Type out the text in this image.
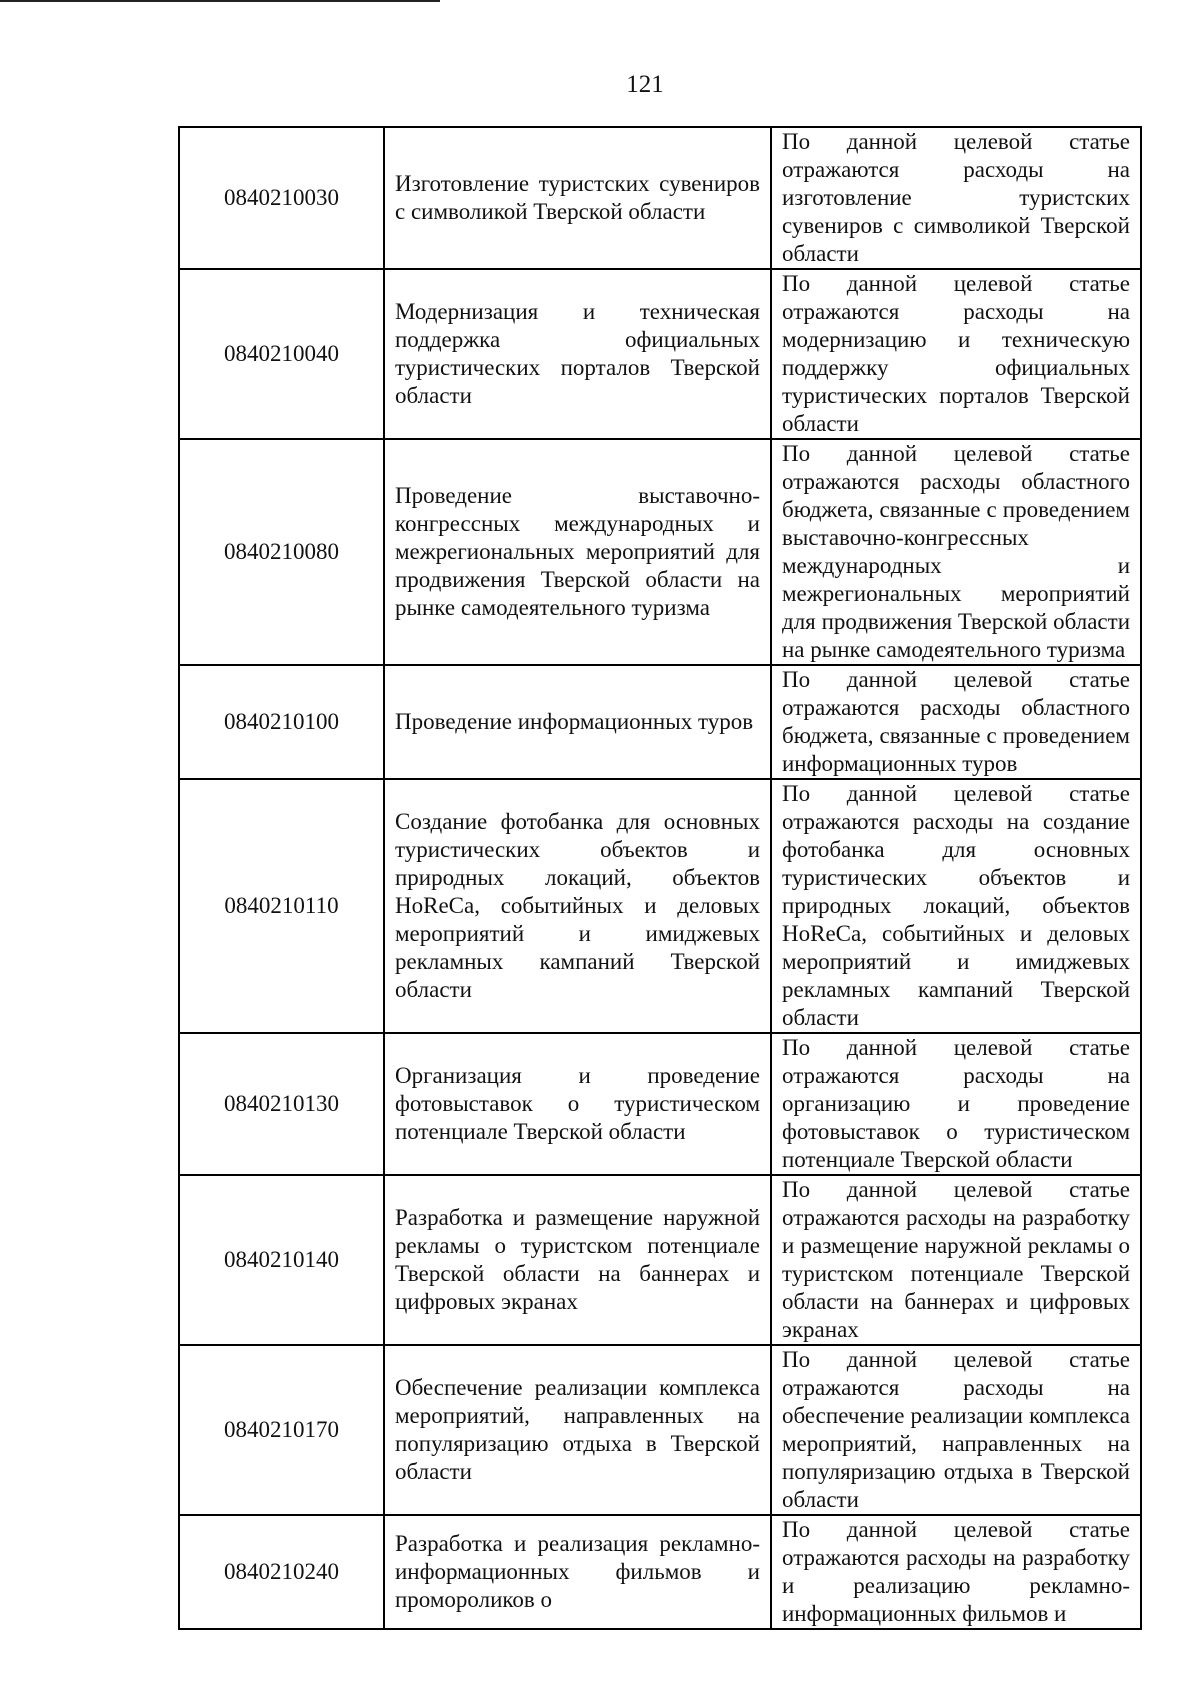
121
0840210030	Изготовление туристских сувениров с символикой Тверской области	По данной целевой статье отражаются расходы на изготовление туристских сувениров с символикой Тверской области

0840210040	Модернизация и техническая поддержка официальных туристических порталов Тверской области	По данной целевой статье отражаются расходы на модернизацию и техническую поддержку официальных туристических порталов Тверской области

0840210080	Проведение выставочно-конгрессных международных и межрегиональных мероприятий для продвижения Тверской области на рынке самодеятельного туризма	По данной целевой статье отражаются расходы областного бюджета, связанные с проведением выставочно-конгрессных международных и межрегиональных мероприятий для продвижения Тверской области на рынке самодеятельного туризма

0840210100	Проведение информационных туров	По данной целевой статье отражаются расходы областного бюджета, связанные с проведением информационных туров

0840210110	Создание фотобанка для основных туристических объектов и природных локаций, объектов HoReCa, событийных и деловых мероприятий и имиджевых рекламных кампаний Тверской области	По данной целевой статье отражаются расходы на создание фотобанка для основных туристических объектов и природных локаций, объектов HoReCa, событийных и деловых мероприятий и имиджевых рекламных кампаний Тверской области

0840210130	Организация и проведение фотовыставок о туристическом потенциале Тверской области	По данной целевой статье отражаются расходы на организацию и проведение фотовыставок о туристическом потенциале Тверской области

0840210140	Разработка и размещение наружной рекламы о туристском потенциале Тверской области на баннерах и цифровых экранах	По данной целевой статье отражаются расходы на разработку и размещение наружной рекламы о туристском потенциале Тверской области на баннерах и цифровых экранах

0840210170	Обеспечение реализации комплекса мероприятий, направленных на популяризацию отдыха в Тверской области	По данной целевой статье отражаются расходы на обеспечение реализации комплекса мероприятий, направленных на популяризацию отдыха в Тверской области

0840210240	Разработка и реализация рекламно-информационных фильмов и промороликов о	По данной целевой статье отражаются расходы на разработку и реализацию рекламно-информационных фильмов и
